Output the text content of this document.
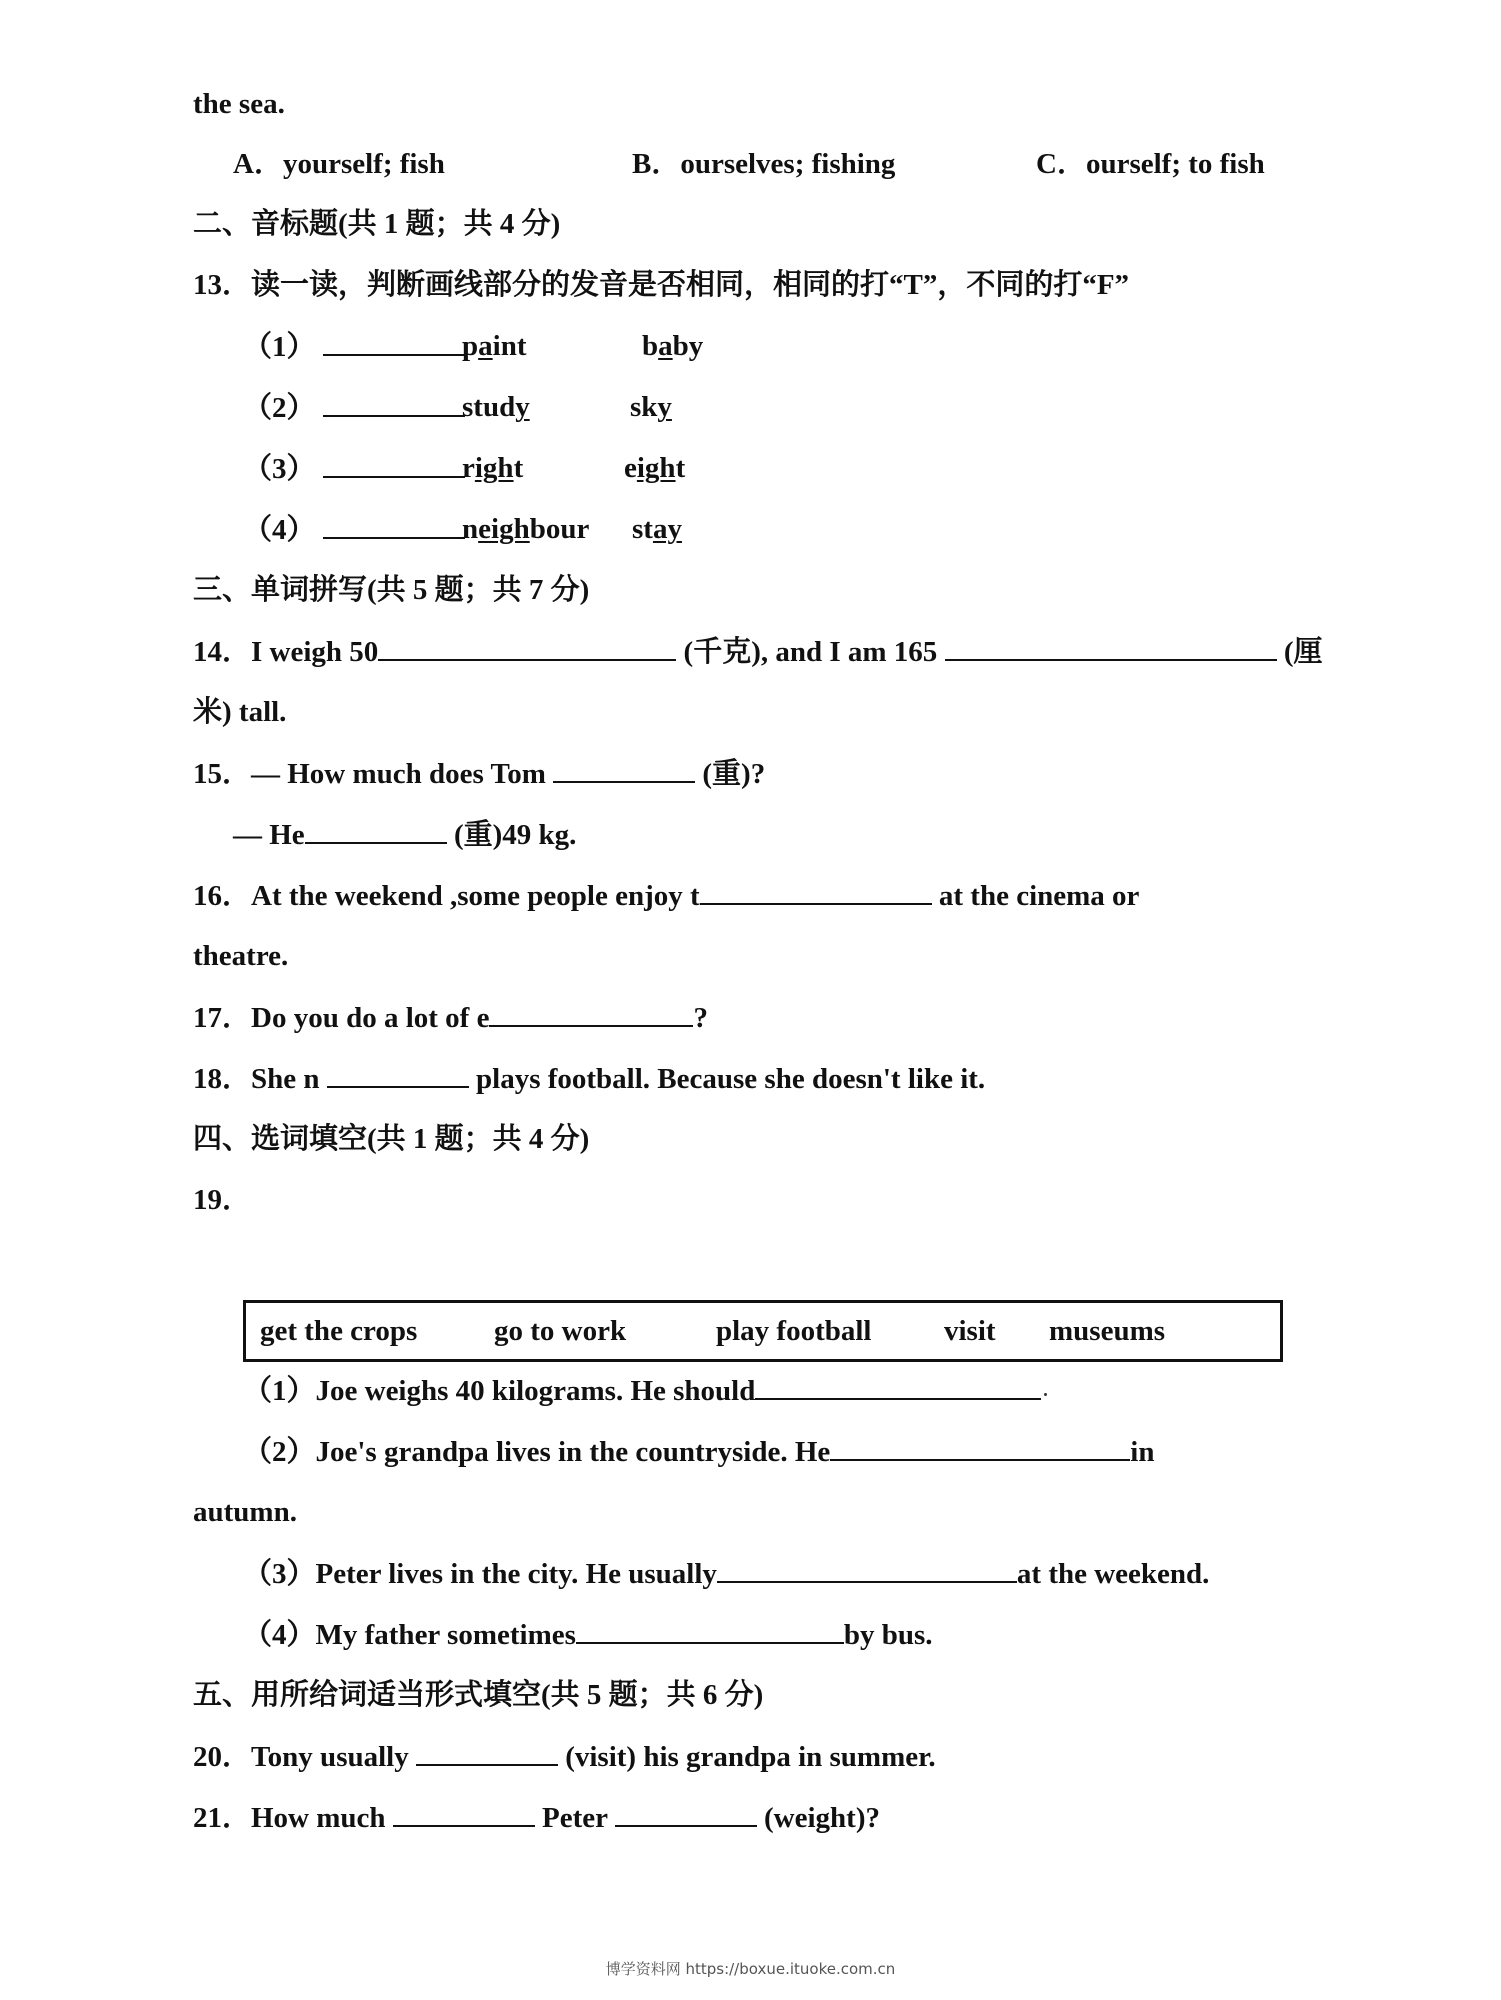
the sea.
A．yourself; fish	B．ourselves; fishing	C．ourself; to fish
二、音标题(共 1 题；共 4 分)
13．读一读，判断画线部分的发音是否相同，相同的打“T”，不同的打“F”
（1）	paint	baby
（2）	study	sky
（3）	right	eight
（4）	neighbour stay
三、单词拼写(共 5 题；共 7 分)
14．I weigh 50	(千克), and I am 165	(厘
米) tall.
15．— How much does Tom	(重)?
— He	(重)49 kg.
16．At the weekend ,some people enjoy t	at the cinema or
theatre.
17．Do you do a lot of e	?
18．She n	plays football. Because she doesn't like it.
四、选词填空(共 1 题；共 4 分)
19．
get the crops	go to work	play football	visit museums
（1）Joe weighs 40 kilograms. He should
（2）Joe's grandpa lives in the countryside. He	in
autumn.
（3）Peter lives in the city. He usually	at the weekend.
（4）My father sometimes	by bus.
五、用所给词适当形式填空(共 5 题；共 6 分)
20．Tony usually	(visit) his grandpa in summer.
21．How much	Peter	(weight)?
博学资料网 https://boxue.ituoke.com.cn
